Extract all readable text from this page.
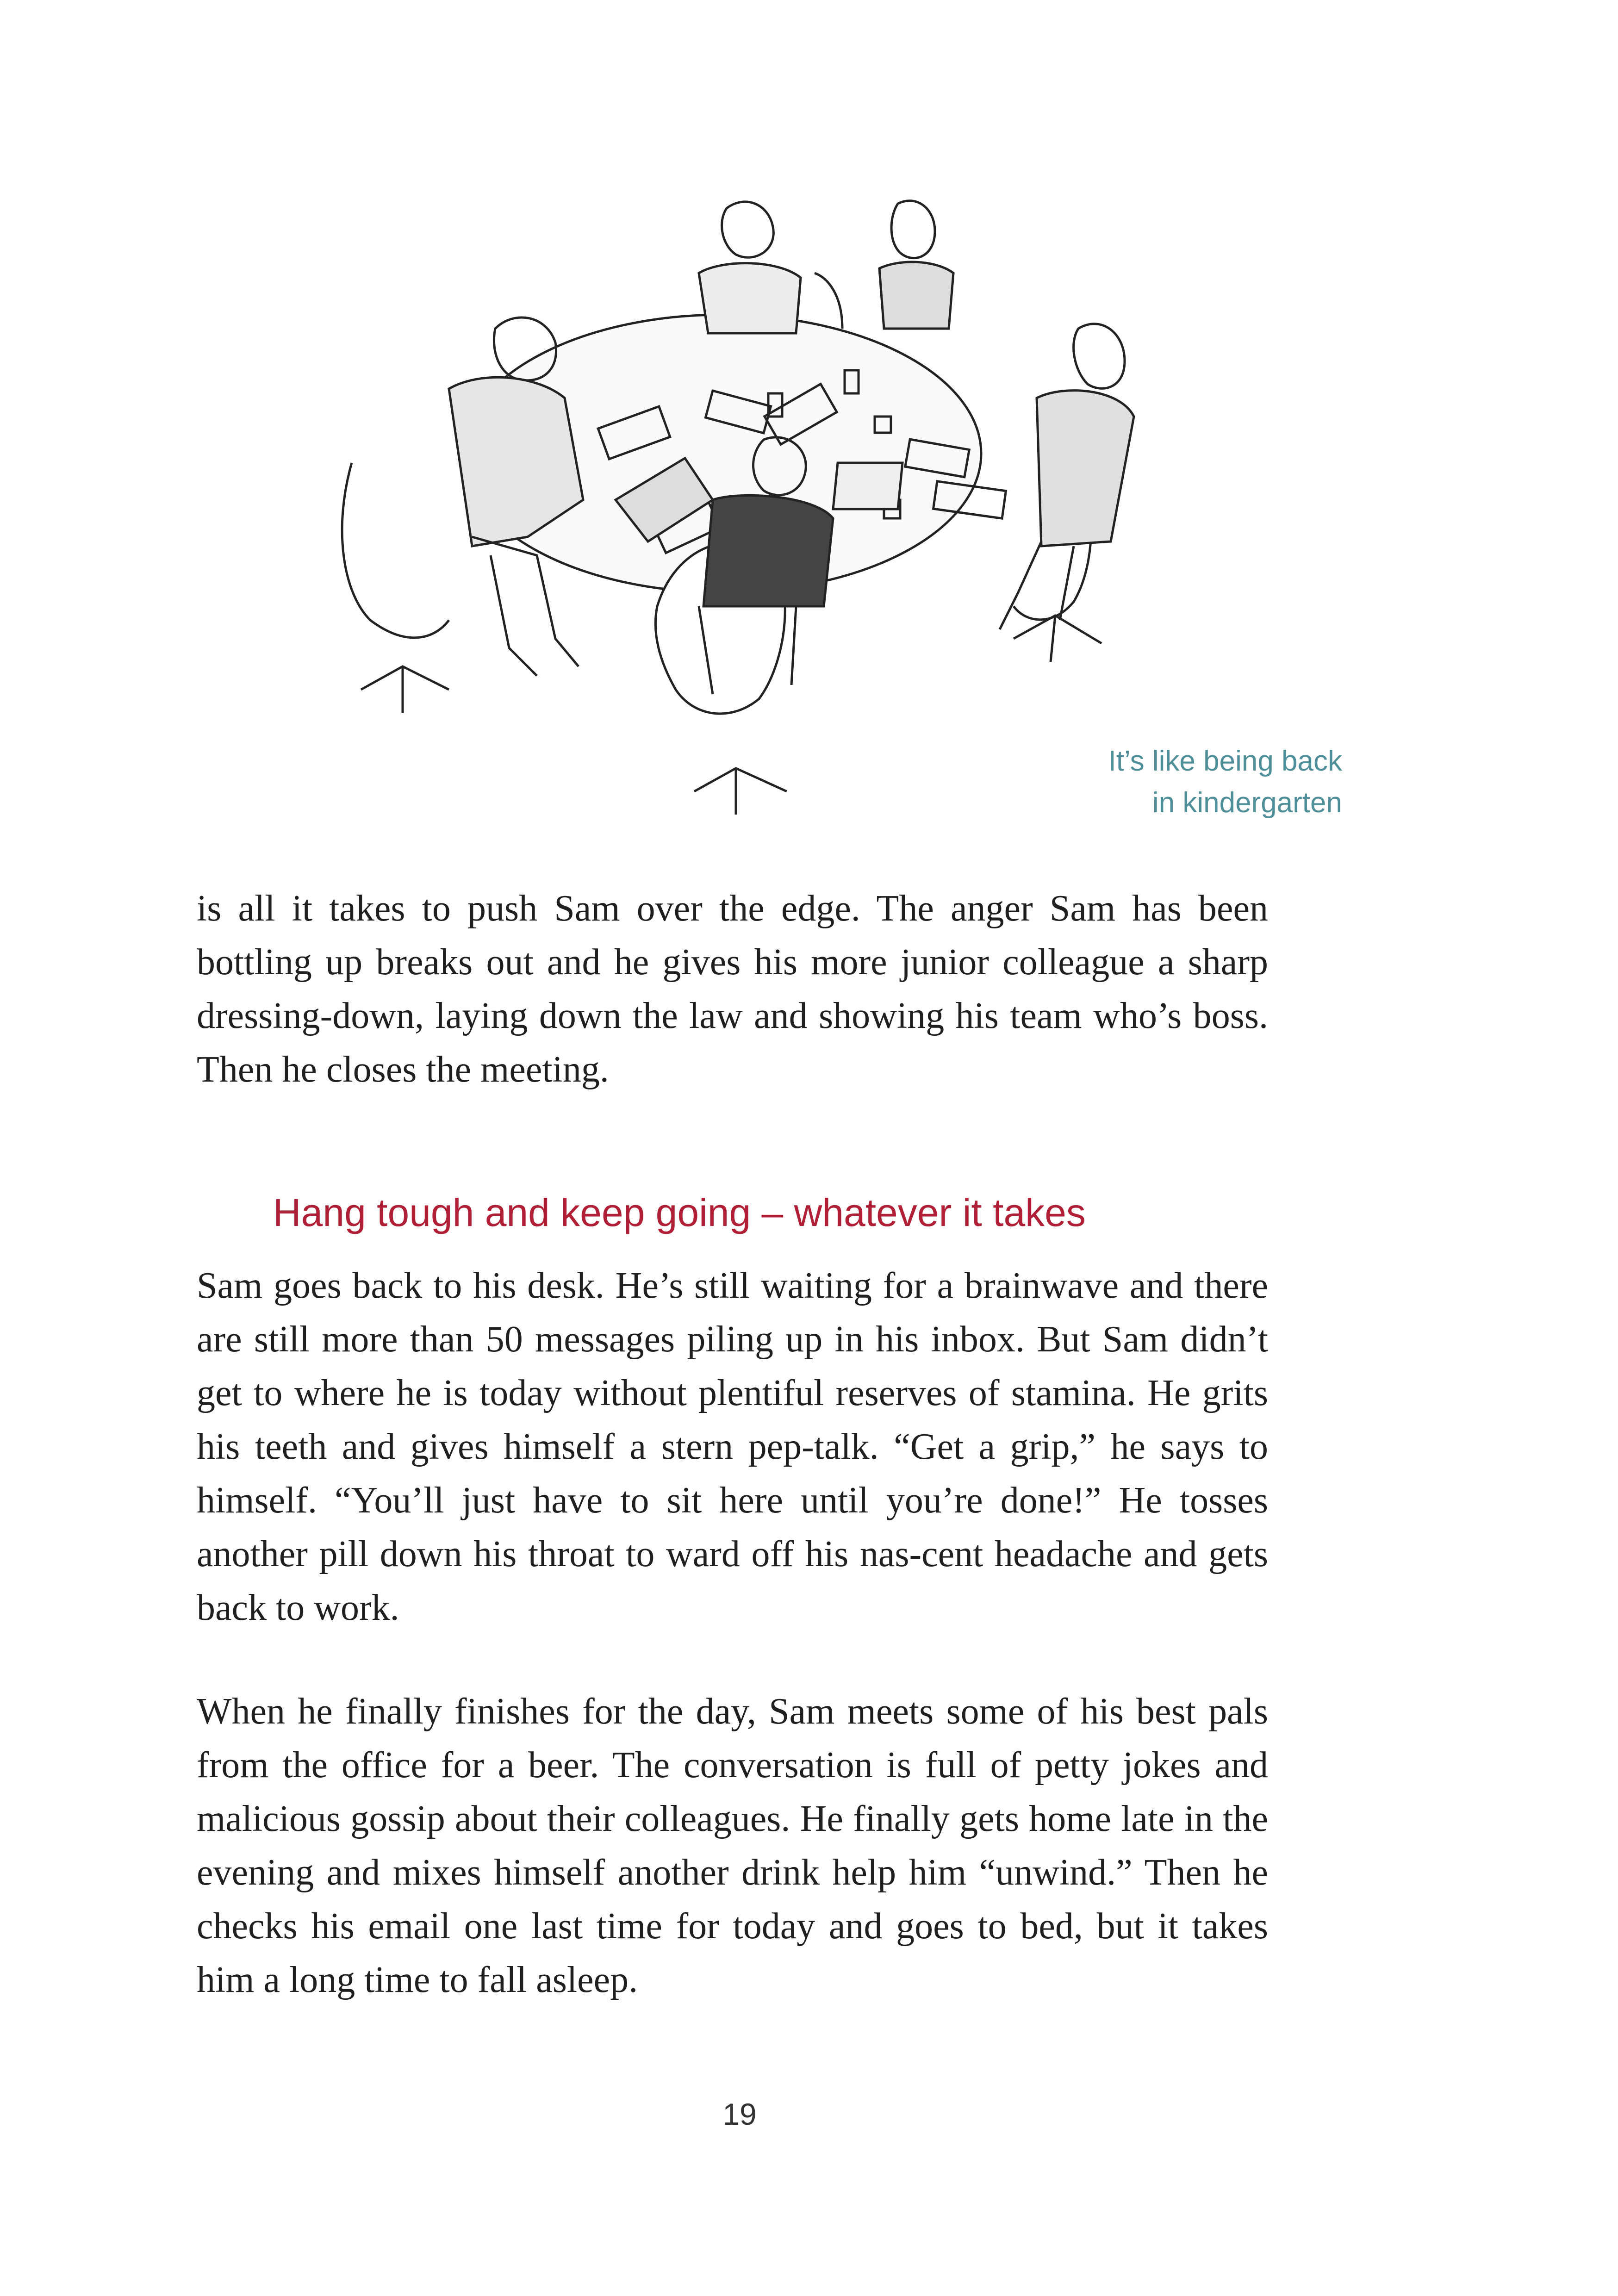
It’s like being back
in kindergarten

is all it takes to push Sam over the edge. The anger Sam has been bottling up breaks out and he gives his more junior colleague a sharp dressing-down, laying down the law and showing his team who’s boss. Then he closes the meeting.

Hang tough and keep going – whatever it takes

Sam goes back to his desk. He’s still waiting for a brainwave and there are still more than 50 messages piling up in his inbox. But Sam didn’t get to where he is today without plentiful reserves of stamina. He grits his teeth and gives himself a stern pep-talk. “Get a grip,” he says to himself. “You’ll just have to sit here until you’re done!” He tosses another pill down his throat to ward off his nas-cent headache and gets back to work.

When he finally finishes for the day, Sam meets some of his best pals from the office for a beer. The conversation is full of petty jokes and malicious gossip about their colleagues. He finally gets home late in the evening and mixes himself another drink help him “unwind.” Then he checks his email one last time for today and goes to bed, but it takes him a long time to fall asleep.

19
